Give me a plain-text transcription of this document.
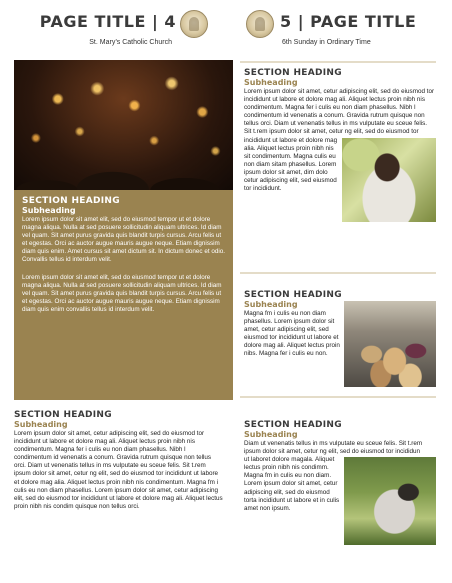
PAGE TITLE | 4
St. Mary’s Catholic Church
SECTION HEADING
Subheading

Lorem ipsum dolor sit amet elit, sed do eiusmod tempor ut et dolore magna aliqua. Nulla at sed posuere sollicitudin aliquam ultrices. Id diam vel quam. Sit amet purus gravida quis blandit turpis cursus. Arcu felis ut et egestas. Orci ac auctor augue mauris augue neque. Etiam dignissim diam quis enim. Amet cursus sit amet dictum sit. In dictum donec et odio. Convallis tellus id interdum velit.

Lorem ipsum dolor sit amet elit, sed do eiusmod tempor ut et dolore magna aliqua. Nulla at sed posuere sollicitudin aliquam ultrices. Id diam vel quam. Sit amet purus gravida quis blandit turpis cursus. Arcu felis ut et egestas. Orci ac auctor augue mauris augue neque. Etiam dignissim diam quis enim convallis tellus id interdum velit.

SECTION HEADING
Subheading
Lorem ipsum dolor sit amet, cetur adipiscing elit, sed do eiusmod tor incididunt ut labore et dolore mag ali. Aliquet lectus proin nibh nis condimentum. Magna fer i culis eu non diam phasellus. Nibh l condimentum id venenatis a conum. Gravida rutrum quisque non tellus orci. Diam ut venenatis tellus in ms vulputate eu sceue felis. Sit t.rem ipsum dolor sit amet, cetur ng elit, sed do eiusmod tor incididunt ut labore et dolore mag alia. Aliquet lectus proin nibh nis condimentum. Magna fm i culis eu non diam phasellus. Lorem ipsum dolor sit amet, cetur adipiscing elit, sed do eiusmod tor incididunt ut labore et dolore mag ali. Aliquet lectus proin nibh nis condim quisque non tellus orci.
5 | PAGE TITLE
6th Sunday in Ordinary Time
SECTION HEADING
Subheading
Lorem ipsum dolor sit amet, cetur adipiscing elit, sed do eiusmod tor incididunt ut labore et dolore mag ali. Aliquet lectus proin nibh nis condimentum. Magna fer i culis eu non diam phasellus. Nibh l condimentum id venenatis a conum. Gravida rutrum quisque non tellus orci. Diam ut venenatis tellus in ms vulputate eu sceue felis. Sit t.rem ipsum dolor sit amet, cetur ng elit, sed do eiusmod tor
incididunt ut labore et dolore mag alia. Aliquet lectus proin nibh nis sit condimentum. Magna culis eu non diam sitam phasellus. Lorem ipsum dolor sit amet, dim dolo cetur adipiscing elit, sed eiusmod tor incididunt.
SECTION HEADING
Subheading
Magna fm i culis eu non diam phasellus. Lorem ipsum dolor sit amet, cetur adipiscing elit, sed eiusmod tor incididunt ut labore et dolore mag ali. Aliquet lectus proin nibs. Magna fer i culis eu non.
SECTION HEADING
Subheading
Diam ut venenatis tellus in ms vulputate eu sceue felis. Sit t.rem ipsum dolor sit amet, cetur ng elit, sed do eiusmod tor incididun
ut laboret dolore magala. Aliquet lectus proin nibh nis condimm. Magna fm in culis eu non diam. Lorem ipsum dolor sit amet, cetur adipiscing elit, sed do eiusmod torta incididunt ut labore et in culis amet non ipsum.
